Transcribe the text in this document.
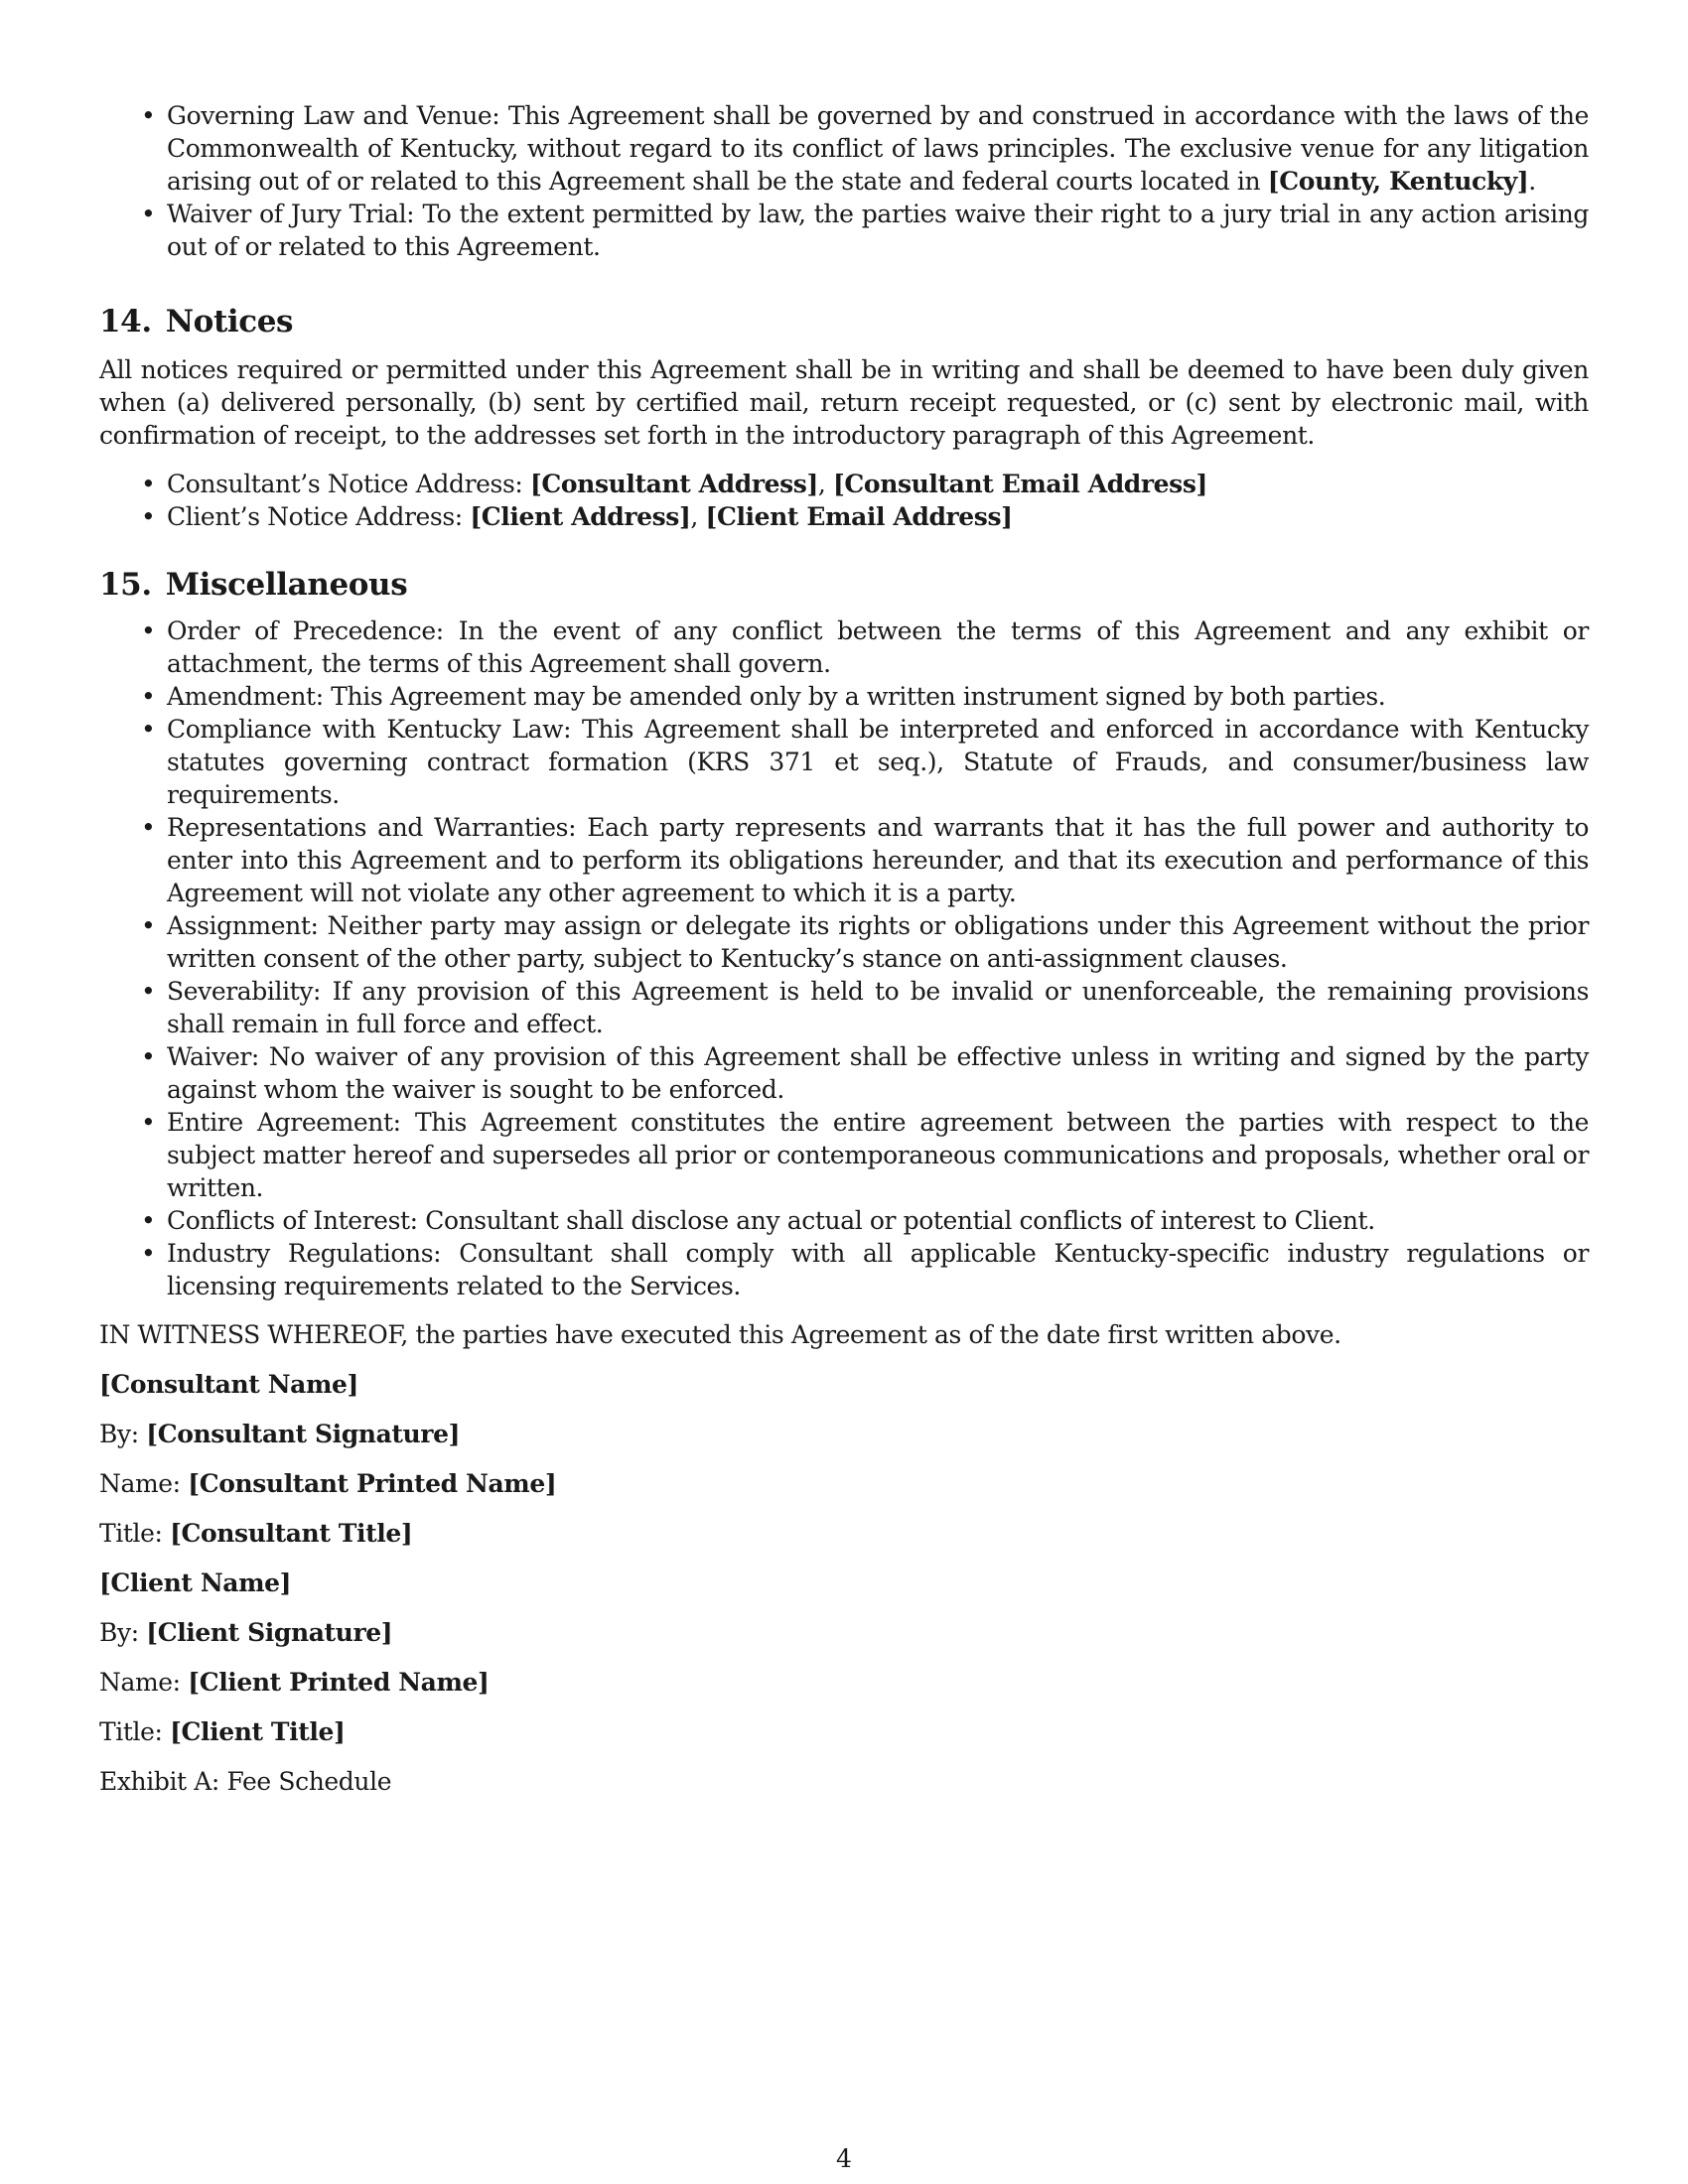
• Governing Law and Venue: This Agreement shall be governed by and construed in accordance with the laws of the Commonwealth of Kentucky, without regard to its conflict of laws principles. The exclusive venue for any litigation arising out of or related to this Agreement shall be the state and federal courts located in [County, Kentucky].
• Waiver of Jury Trial: To the extent permitted by law, the parties waive their right to a jury trial in any action arising out of or related to this Agreement.
14. Notices

All notices required or permitted under this Agreement shall be in writing and shall be deemed to have been duly given when (a) delivered personally, (b) sent by certified mail, return receipt requested, or (c) sent by electronic mail, with confirmation of receipt, to the addresses set forth in the introductory paragraph of this Agreement.

• Consultant’s Notice Address: [Consultant Address], [Consultant Email Address]
• Client’s Notice Address: [Client Address], [Client Email Address]
15. Miscellaneous
• Order of Precedence: In the event of any conflict between the terms of this Agreement and any exhibit or attachment, the terms of this Agreement shall govern.
• Amendment: This Agreement may be amended only by a written instrument signed by both parties.
• Compliance with Kentucky Law: This Agreement shall be interpreted and enforced in accordance with Kentucky statutes governing contract formation (KRS 371 et seq.), Statute of Frauds, and consumer/business law requirements.
• Representations and Warranties: Each party represents and warrants that it has the full power and authority to enter into this Agreement and to perform its obligations hereunder, and that its execution and performance of this Agreement will not violate any other agreement to which it is a party.
• Assignment: Neither party may assign or delegate its rights or obligations under this Agreement without the prior written consent of the other party, subject to Kentucky’s stance on anti-assignment clauses.
• Severability: If any provision of this Agreement is held to be invalid or unenforceable, the remaining provisions shall remain in full force and effect.
• Waiver: No waiver of any provision of this Agreement shall be effective unless in writing and signed by the party against whom the waiver is sought to be enforced.
• Entire Agreement: This Agreement constitutes the entire agreement between the parties with respect to the subject matter hereof and supersedes all prior or contemporaneous communications and proposals, whether oral or written.
• Conflicts of Interest: Consultant shall disclose any actual or potential conflicts of interest to Client.
• Industry Regulations: Consultant shall comply with all applicable Kentucky-specific industry regulations or licensing requirements related to the Services.

IN WITNESS WHEREOF, the parties have executed this Agreement as of the date first written above.

[Consultant Name]

By: [Consultant Signature]

Name: [Consultant Printed Name]

Title: [Consultant Title]

[Client Name]

By: [Client Signature]

Name: [Client Printed Name]

Title: [Client Title]

Exhibit A: Fee Schedule

4
